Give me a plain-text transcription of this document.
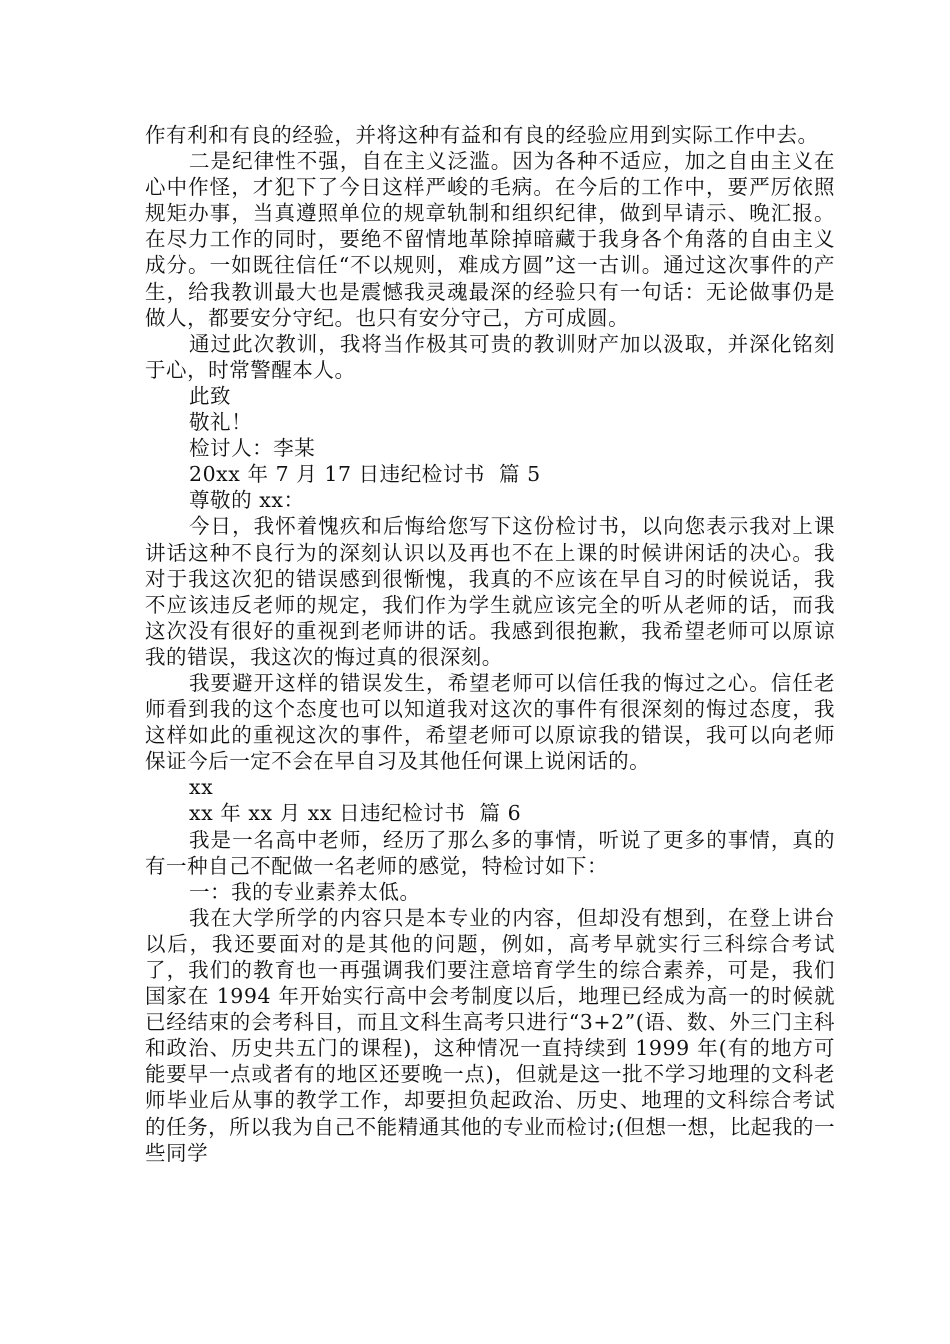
作有利和有良的经验，并将这种有益和有良的经验应用到实际工作中去。

二是纪律性不强，自在主义泛滥。因为各种不适应，加之自由主义在心中作怪，才犯下了今日这样严峻的毛病。在今后的工作中，要严厉依照规矩办事，当真遵照单位的规章轨制和组织纪律，做到早请示、晚汇报。在尽力工作的同时，要绝不留情地革除掉暗藏于我身各个角落的自由主义成分。一如既往信任“不以规则，难成方圆”这一古训。通过这次事件的产生，给我教训最大也是震憾我灵魂最深的经验只有一句话：无论做事仍是做人，都要安分守纪。也只有安分守己，方可成圆。

通过此次教训，我将当作极其可贵的教训财产加以汲取，并深化铭刻于心，时常警醒本人。

此致

敬礼！

检讨人：李某

20xx 年 7 月 17 日违纪检讨书  篇 5

尊敬的 xx：

今日，我怀着愧疚和后悔给您写下这份检讨书，以向您表示我对上课讲话这种不良行为的深刻认识以及再也不在上课的时候讲闲话的决心。我对于我这次犯的错误感到很惭愧，我真的不应该在早自习的时候说话，我不应该违反老师的规定，我们作为学生就应该完全的听从老师的话，而我这次没有很好的重视到老师讲的话。我感到很抱歉，我希望老师可以原谅我的错误，我这次的悔过真的很深刻。

我要避开这样的错误发生，希望老师可以信任我的悔过之心。信任老师看到我的这个态度也可以知道我对这次的事件有很深刻的悔过态度，我这样如此的重视这次的事件，希望老师可以原谅我的错误，我可以向老师保证今后一定不会在早自习及其他任何课上说闲话的。

xx

xx 年 xx 月 xx 日违纪检讨书  篇 6

我是一名高中老师，经历了那么多的事情，听说了更多的事情，真的有一种自己不配做一名老师的感觉，特检讨如下：

一：我的专业素养太低。

我在大学所学的内容只是本专业的内容，但却没有想到，在登上讲台以后，我还要面对的是其他的问题，例如，高考早就实行三科综合考试了，我们的教育也一再强调我们要注意培育学生的综合素养，可是，我们国家在 1994 年开始实行高中会考制度以后，地理已经成为高一的时候就已经结束的会考科目，而且文科生高考只进行“3+2”(语、数、外三门主科和政治、历史共五门的课程)，这种情况一直持续到 1999 年(有的地方可能要早一点或者有的地区还要晚一点)，但就是这一批不学习地理的文科老师毕业后从事的教学工作，却要担负起政治、历史、地理的文科综合考试的任务，所以我为自己不能精通其他的专业而检讨;(但想一想，比起我的一些同学
